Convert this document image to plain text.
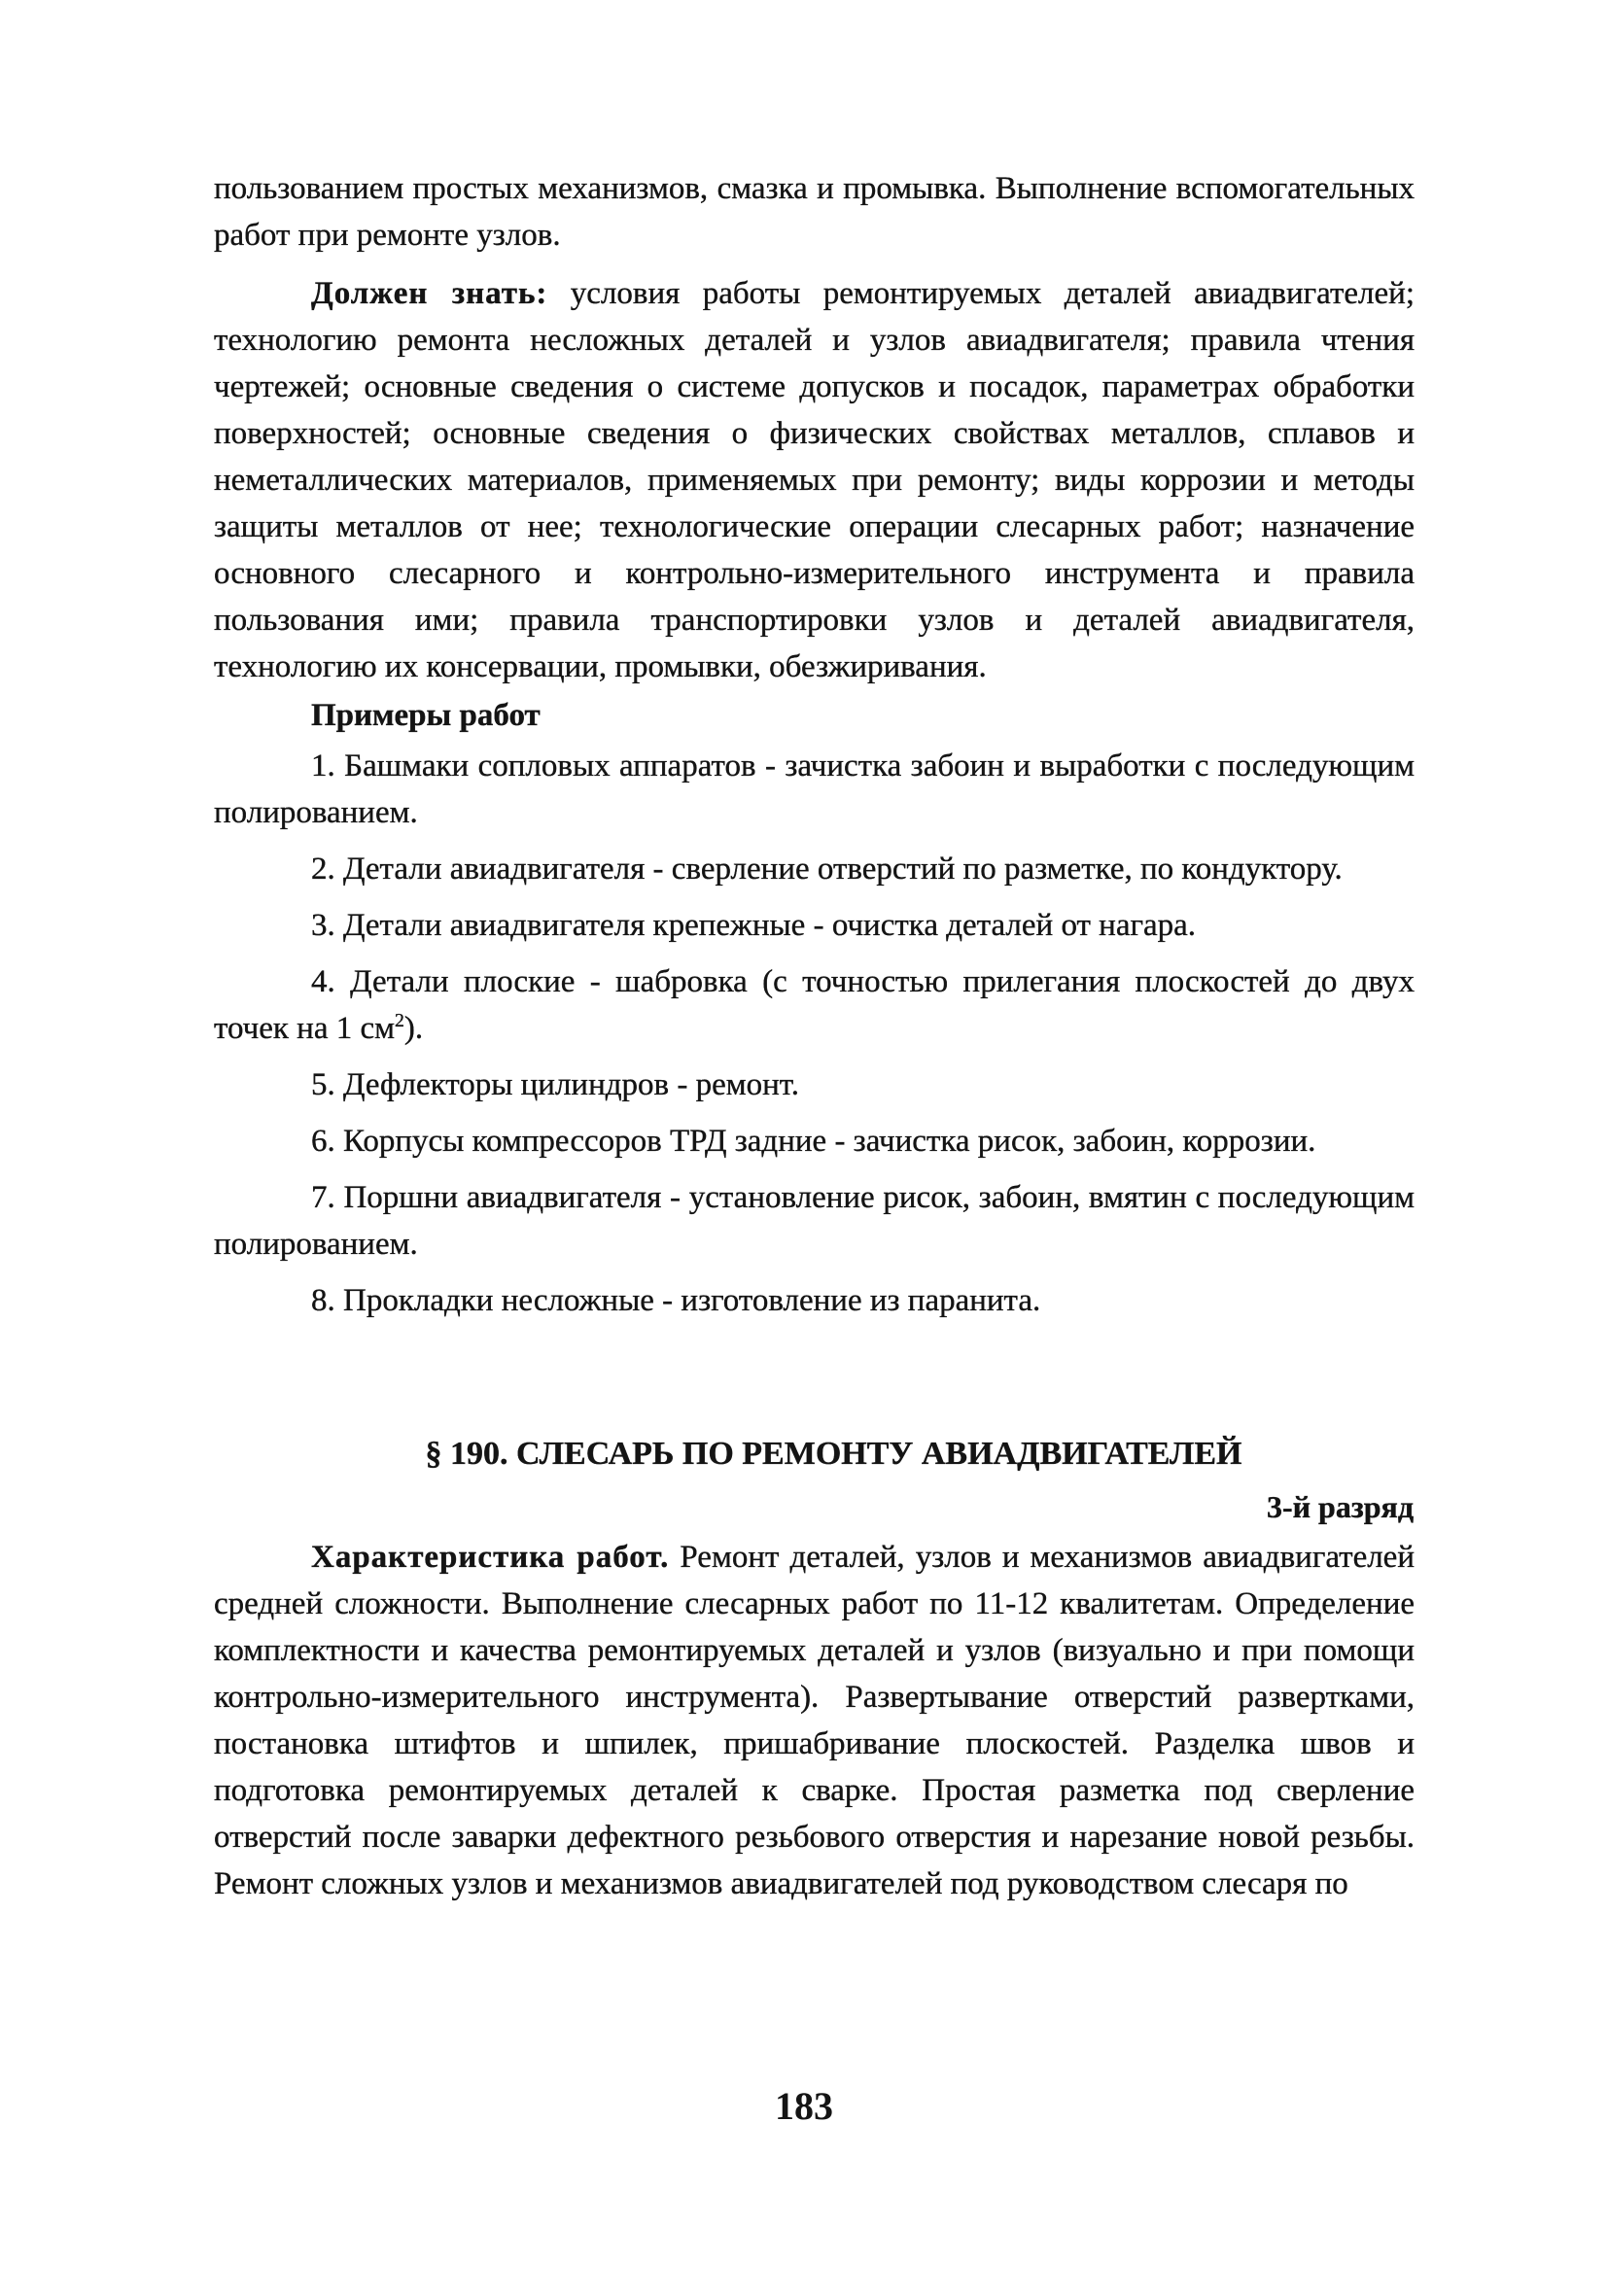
пользованием простых механизмов, смазка и промывка. Выполнение вспомогательных работ при ремонте узлов.

Должен знать: условия работы ремонтируемых деталей авиадвигателей; технологию ремонта несложных деталей и узлов авиадвигателя; правила чтения чертежей; основные сведения о системе допусков и посадок, параметрах обработки поверхностей; основные сведения о физических свойствах металлов, сплавов и неметаллических материалов, применяемых при ремонту; виды коррозии и методы защиты металлов от нее; технологические операции слесарных работ; назначение основного слесарного и контрольно-измерительного инструмента и правила пользования ими; правила транспортировки узлов и деталей авиадвигателя, технологию их консервации, промывки, обезжиривания.

Примеры работ

1. Башмаки сопловых аппаратов - зачистка забоин и выработки с последующим полированием.

2. Детали авиадвигателя - сверление отверстий по разметке, по кондуктору.

3. Детали авиадвигателя крепежные - очистка деталей от нагара.

4. Детали плоские - шабровка (с точностью прилегания плоскостей до двух точек на 1 $см^2$).

5. Дефлекторы цилиндров - ремонт.

6. Корпусы компрессоров ТРД задние - зачистка рисок, забоин, коррозии.

7. Поршни авиадвигателя - установление рисок, забоин, вмятин с последующим полированием.

8. Прокладки несложные - изготовление из паранита.

§ 190. СЛЕСАРЬ ПО РЕМОНТУ АВИАДВИГАТЕЛЕЙ
3-й разряд

Характеристика работ. Ремонт деталей, узлов и механизмов авиадвигателей средней сложности. Выполнение слесарных работ по 11-12 квалитетам. Определение комплектности и качества ремонтируемых деталей и узлов (визуально и при помощи контрольно-измерительного инструмента). Развертывание отверстий развертками, постановка штифтов и шпилек, пришабривание плоскостей. Разделка швов и подготовка ремонтируемых деталей к сварке. Простая разметка под сверление отверстий после заварки дефектного резьбового отверстия и нарезание новой резьбы. Ремонт сложных узлов и механизмов авиадвигателей под руководством слесаря по

183
